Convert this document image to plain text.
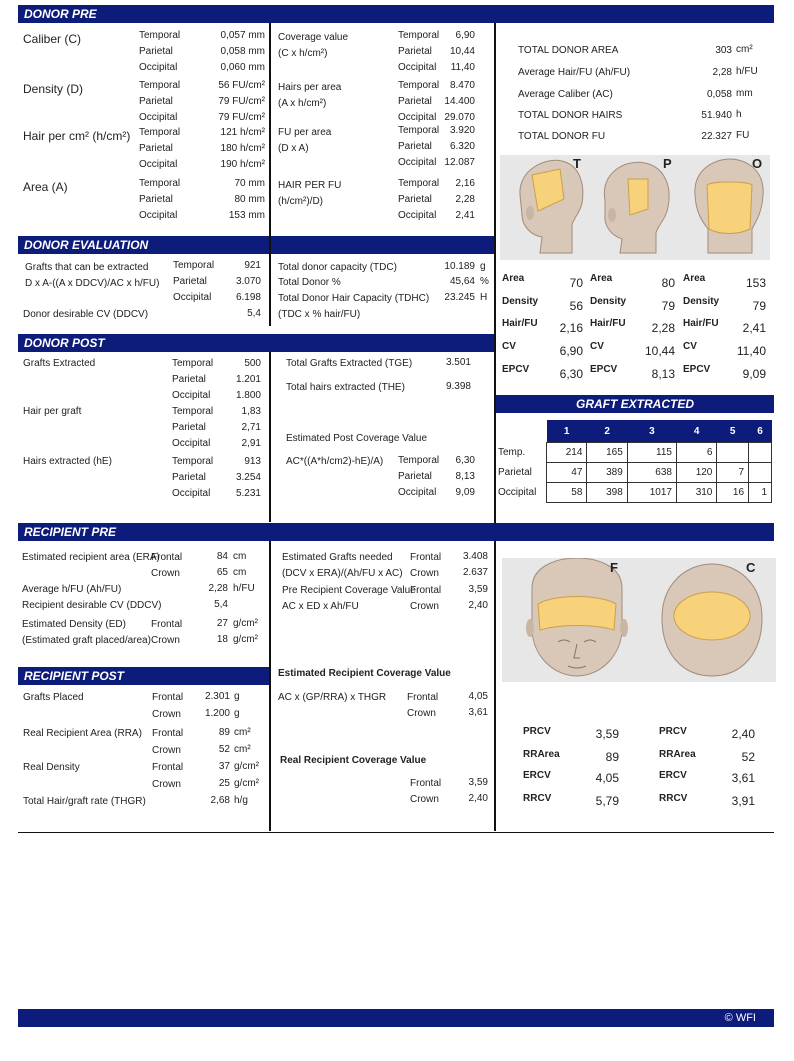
DONOR PRE
DONOR EVALUATION
DONOR POST
GRAFT EXTRACTED
RECIPIENT PRE
RECIPIENT POST
Caliber (C)	Temporal	0,057 mm
Parietal	0,058 mm
Occipital	0,060 mm
Density (D)	Temporal	56 FU/cm²
Parietal	79 FU/cm²
Occipital	79 FU/cm²
Hair per cm² (h/cm²) Temporal	121 h/cm²
Parietal	180 h/cm²
Occipital	190 h/cm²
Area (A)	Temporal	70 mm
Parietal	80 mm
Occipital	153 mm
Coverage value
(C x h/cm²)
Temporal	6,90
Parietal	10,44
Occipital	11,40
Hairs per area
(A x h/cm²)
Temporal	8.470
Parietal	14.400
Occipital 29.070
FU per area
(D x A)
Temporal	3.920
Parietal	6.320
Occipital 12.087
HAIR PER FU
(h/cm²)/D)
Temporal	2,16
Parietal	2,28
Occipital	2,41
TOTAL DONOR AREA	303 cm²
Average Hair/FU (Ah/FU)	2,28 h/FU
Average Caliber (AC)	0,058 mm
TOTAL DONOR HAIRS	51.940 h
TOTAL DONOR FU	22.327 FU
T	P	O
Area	70
Density	56
Hair/FU	2,16
CV	6,90
EPCV	6,30
Area	80
Density	79
Hair/FU	2,28
CV	10,44
EPCV	8,13
Area	153
Density	79
Hair/FU	2,41
CV	11,40
EPCV	9,09
Grafts that can be extracted
D x A-((A x DDCV)/AC x h/FU)
Temporal	921
Parietal	3.070
Occipital	6.198
Donor desirable CV (DDCV)	5,4
Total donor capacity (TDC)	10.189 g
Total Donor %	45,64 %
Total Donor Hair Capacity (TDHC)	23.245 H
(TDC x % hair/FU)
Grafts Extracted	Temporal	500
Parietal	1.201
Occipital	1.800
Hair per graft	Temporal	1,83
Parietal	2,71
Occipital	2,91
Hairs extracted (hE)	Temporal	913
Parietal	3.254
Occipital	5.231
Total Grafts Extracted (TGE)	3.501
Total hairs extracted (THE)	9.398
Estimated Post Coverage Value
AC*((A*h/cm2)-hE)/A) Temporal	6,30
Parietal	8,13
Occipital	9,09
	1	2	3	4	5	6
Temp.	214	165	115	6		
Parietal	47	389	638	120	7	
Occipital	58	398	1017	310	16	1
Estimated recipient area (ERA)
Frontal	84 cm
Crown	65 cm
Average h/FU (Ah/FU)	2,28 h/FU
Recipient desirable CV (DDCV)	5,4
Estimated Density (ED)
(Estimated graft placed/area)
Frontal	27 g/cm²
Crown	18 g/cm²
Estimated Grafts needed
(DCV x ERA)/(Ah/FU x AC)
Frontal	3.408
Crown	2.637
Pre Recipient Coverage Value
AC x ED x Ah/FU
Frontal	3,59
Crown	2,40
F	C
Grafts Placed	Frontal	2.301 g
Crown	1.200 g
Real Recipient Area (RRA) Frontal	89 cm²
Crown	52 cm²
Real Density	Frontal	37 g/cm²
Crown	25 g/cm²
Total Hair/graft rate (THGR)	2,68 h/g
Estimated Recipient Coverage Value
AC x (GP/RRA) x THGR Frontal	4,05
Crown	3,61
Real Recipient Coverage Value
Frontal	3,59
Crown	2,40
PRCV	3,59	PRCV	2,40
RRArea	89	RRArea	52
ERCV	4,05	ERCV	3,61
RRCV	5,79	RRCV	3,91
© WFI
